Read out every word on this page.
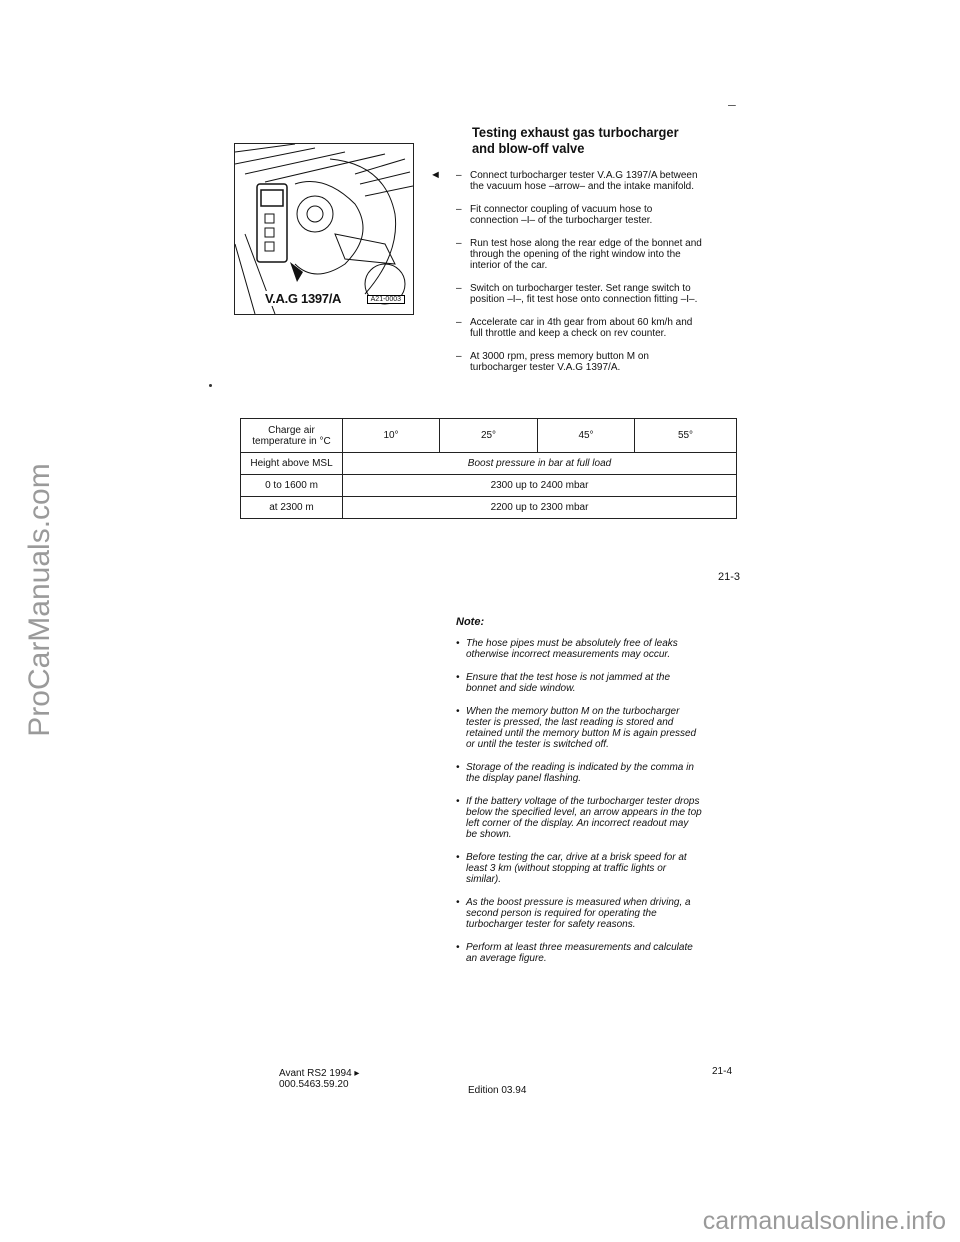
ProCarManuals.com
carmanualsonline.info
–
V.A.G 1397/A	A21-0003
Testing exhaust gas turbocharger and blow-off valve
◄ – Connect turbocharger tester V.A.G 1397/A between the vacuum hose –arrow– and the intake manifold.
– Fit connector coupling of vacuum hose to connection –I– of the turbocharger tester.
– Run test hose along the rear edge of the bonnet and through the opening of the right window into the interior of the car.
– Switch on turbocharger tester. Set range switch to position –I–, fit test hose onto connection fitting –I–.
– Accelerate car in 4th gear from about 60 km/h and full throttle and keep a check on rev counter.
– At 3000 rpm, press memory button M on turbocharger tester V.A.G 1397/A.
Charge air temperature in °C	10°	25°	45°	55°
Height above MSL	Boost pressure in bar at full load			
0 to 1600 m	2300 up to 2400 mbar			
at 2300 m	2200 up to 2300 mbar			
21-3
Note:
• The hose pipes must be absolutely free of leaks otherwise incorrect measurements may occur.
• Ensure that the test hose is not jammed at the bonnet and side window.
• When the memory button M on the turbocharger tester is pressed, the last reading is stored and retained until the memory button M is again pressed or until the tester is switched off.
• Storage of the reading is indicated by the comma in the display panel flashing.
• If the battery voltage of the turbocharger tester drops below the specified level, an arrow appears in the top left corner of the display. An incorrect readout may be shown.
• Before testing the car, drive at a brisk speed for at least 3 km (without stopping at traffic lights or similar).
• As the boost pressure is measured when driving, a second person is required for operating the turbocharger tester for safety reasons.
• Perform at least three measurements and calculate an average figure.
Avant RS2 1994 ▸
000.5463.59.20
Edition 03.94
21-4
